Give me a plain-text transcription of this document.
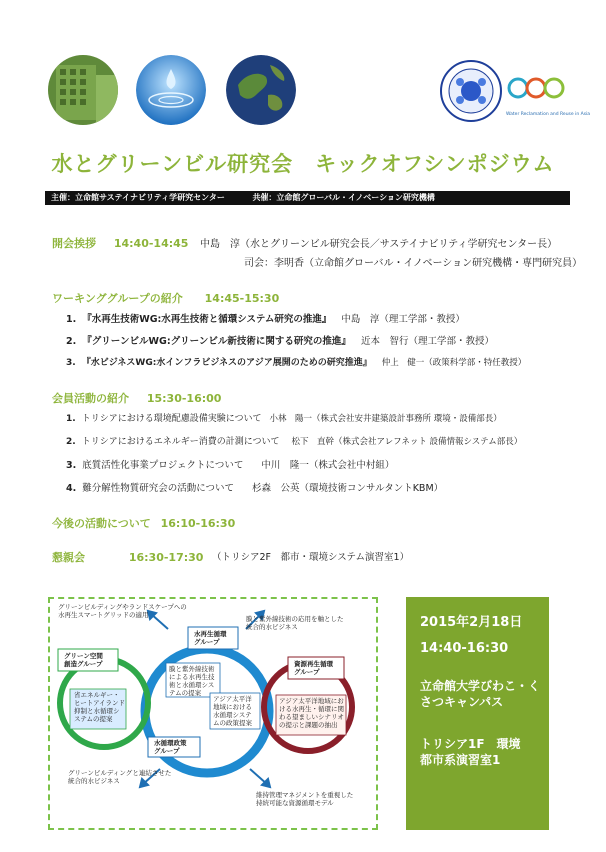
Water Reclamation and Reuse in Asia
水とグリーンビル研究会　キックオフシンポジウム
主催：立命館サステイナビリティ学研究センター	共催：立命館グローバル・イノベーション研究機構
開会挨拶 14:40-14:45 中島　淳（水とグリーンビル研究会長／サステイナビリティ学研究センター長）
司会：李明香（立命館グローバル・イノベーション研究機構・専門研究員）
ワーキンググループの紹介 14:45-15:30
1. 『水再生技術WG:水再生技術と循環システム研究の推進』 中島　淳（理工学部・教授）
2. 『グリーンビルWG:グリーンビル新技術に関する研究の推進』 近本　智行（理工学部・教授）
3. 『水ビジネスWG:水インフラビジネスのアジア展開のための研究推進』 仲上　健一（政策科学部・特任教授）
会員活動の紹介 15:30-16:00
1. トリシアにおける環境配慮設備実験について 小林　陽一（株式会社安井建築設計事務所 環境・設備部長）
2. トリシアにおけるエネルギー消費の計測について 松下　直幹（株式会社アレフネット 設備情報システム部長）
3. 底質活性化事業プロジェクトについて 中川　隆一（株式会社中村組）
4. 難分解性物質研究会の活動について 杉森　公英（環境技術コンサルタントKBM）
今後の活動について 16:10-16:30
懇親会	16:30-17:30 （トリシア2F　都市・環境システム演習室1）
グリーンビルディングやランドスケープへの
水再生スマートグリッドの適用	膜と紫外線技術の応用を軸とした
統合的水ビジネス
グリーンビルディングと連結させた
統合的水ビジネス
維持管理マネジメントを重視した
持続可能な資源循環モデル
グリーン空間
創造グループ
省エネルギー・
ヒートアイランド
抑制と水循環シ
ステムの提案
水再生循環
グループ
膜と紫外線技術
による水再生技
術と水循環シス
テムの提案
アジア太平洋
地域における
水循環システ
ムの政策提案
資源再生循環
グループ
アジア太平洋地域にお
ける水再生・循環に関
わる望ましいシナリオ
の提示と課題の抽出
水循環政策
グループ
2015年2月18日
14:40-16:30
立命館大学びわこ・く
さつキャンパス
トリシア1F　環境
都市系演習室1
